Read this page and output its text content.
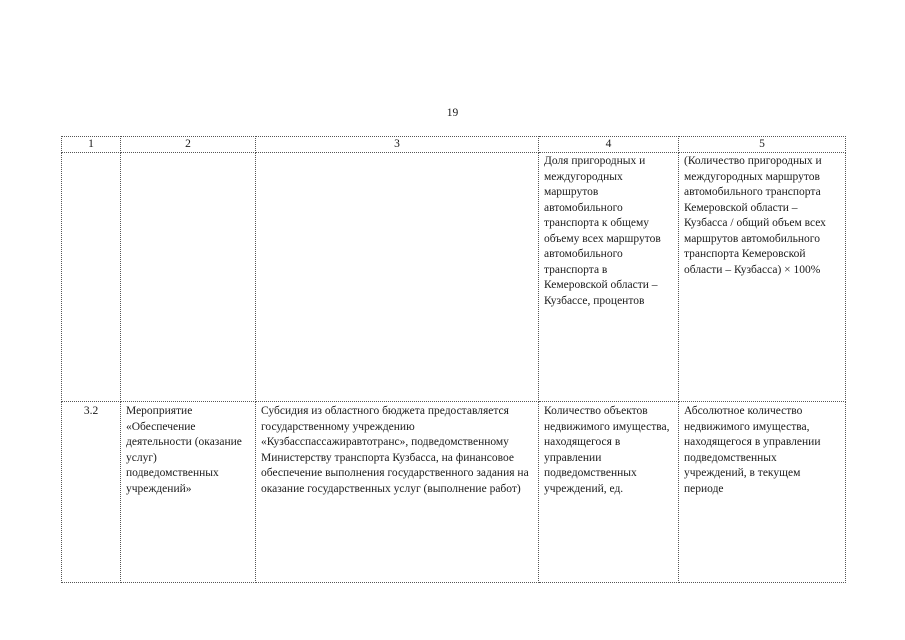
19
1	2	3	4	5
			Доля пригородных и междугородных маршрутов автомобильного транспорта к общему объему всех маршрутов автомобильного транспорта в Кемеровской области – Кузбассе, процентов	(Количество пригородных и междугородных маршрутов автомобильного транспорта Кемеровской области – Кузбасса / общий объем всех маршрутов автомобильного транспорта Кемеровской области – Кузбасса) × 100%
3.2	Мероприятие «Обеспечение деятельности (оказание услуг) подведомственных учреждений»	Субсидия из областного бюджета предоставляется государственному учреждению «Кузбасспассажиравтотранс», подведомственному Министерству транспорта Кузбасса, на финансовое обеспечение выполнения государственного задания на оказание государственных услуг (выполнение работ)	Количество объектов недвижимого имущества, находящегося в управлении подведомственных учреждений, ед.	Абсолютное количество недвижимого имущества, находящегося в управлении подведомственных учреждений, в текущем периоде
